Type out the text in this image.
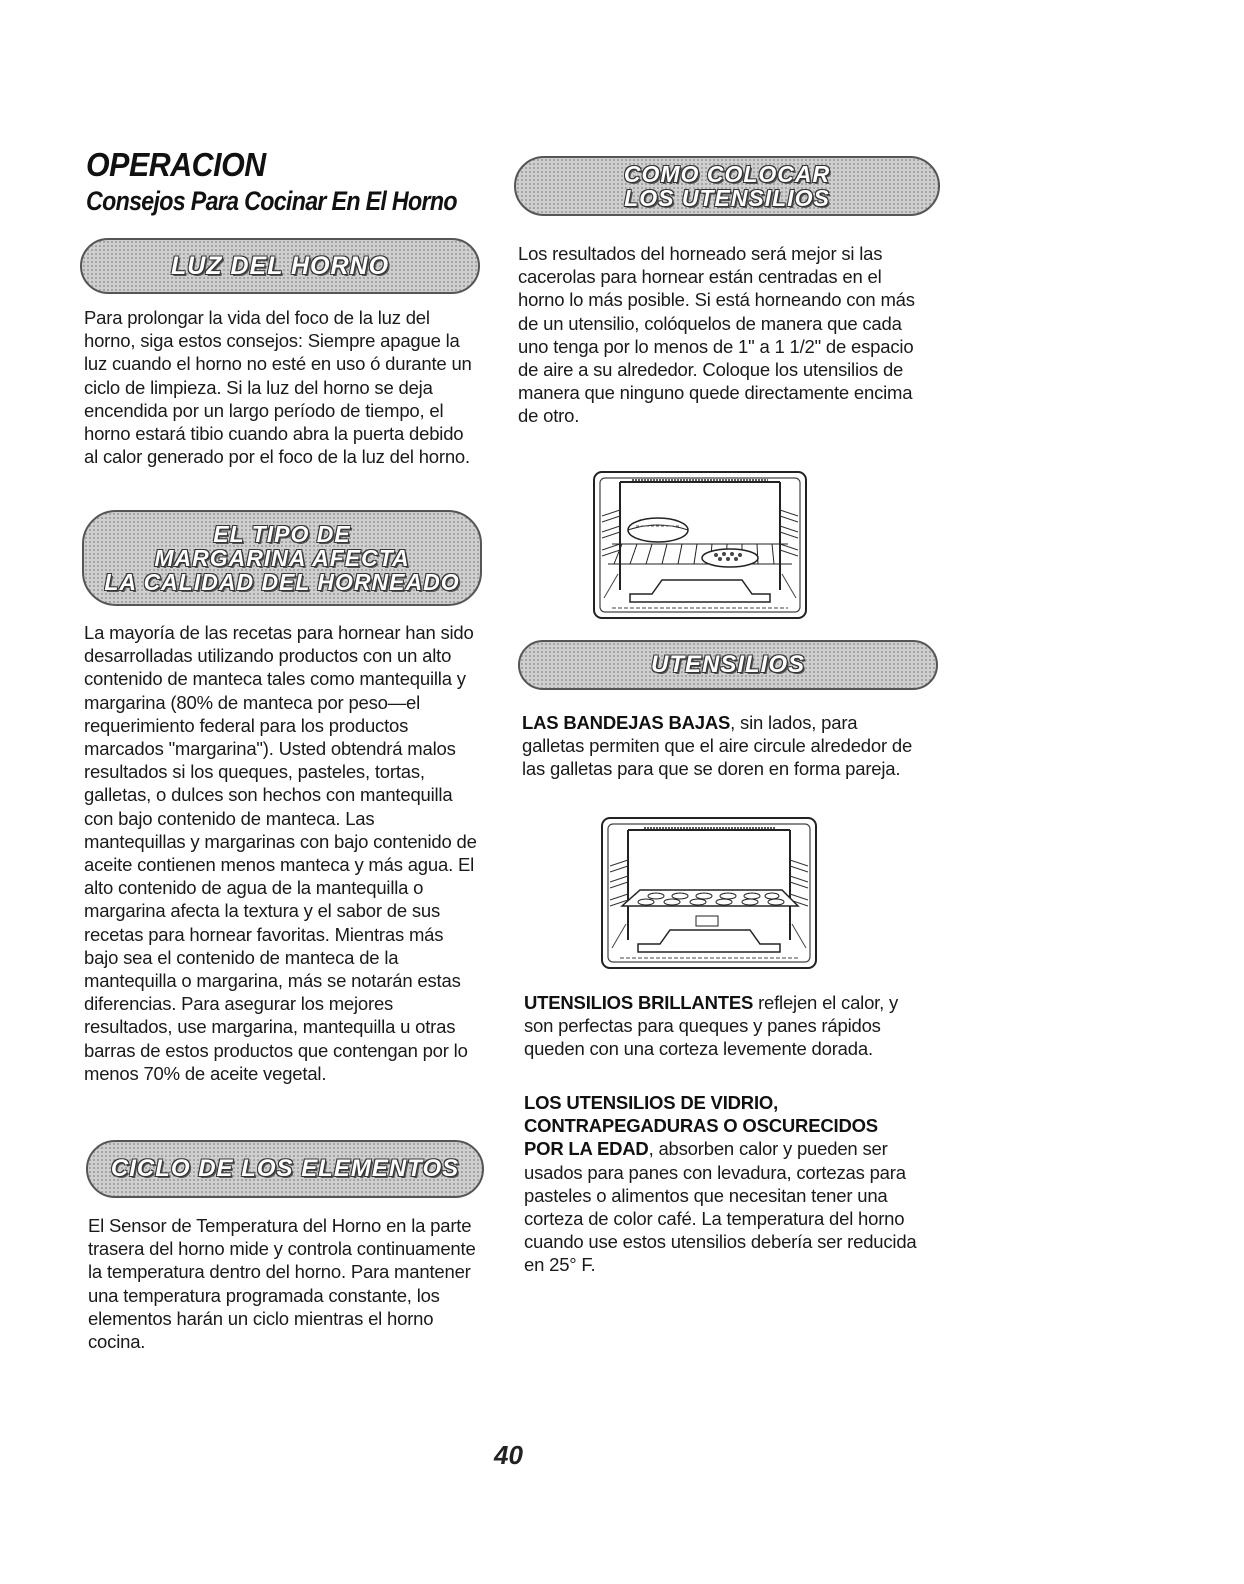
OPERACION
Consejos Para Cocinar En El Horno
LUZ DEL HORNO

Para prolongar la vida del foco de la luz del horno, siga estos consejos: Siempre apague la luz cuando el horno no esté en uso ó durante un ciclo de limpieza. Si la luz del horno se deja encendida por un largo período de tiempo, el horno estará tibio cuando abra la puerta debido al calor generado por el foco de la luz del horno.

EL TIPO DE
MARGARINA AFECTA
LA CALIDAD DEL HORNEADO

La mayoría de las recetas para hornear han sido desarrolladas utilizando productos con un alto contenido de manteca tales como mantequilla y margarina (80% de manteca por peso—el requerimiento federal para los productos marcados "margarina"). Usted obtendrá malos resultados si los queques, pasteles, tortas, galletas, o dulces son hechos con mantequilla con bajo contenido de manteca. Las mantequillas y margarinas con bajo contenido de aceite contienen menos manteca y más agua. El alto contenido de agua de la mantequilla o margarina afecta la textura y el sabor de sus recetas para hornear favoritas. Mientras más bajo sea el contenido de manteca de la mantequilla o margarina, más se notarán estas diferencias. Para asegurar los mejores resultados, use margarina, mantequilla u otras barras de estos productos que contengan por lo menos 70% de aceite vegetal.

CICLO DE LOS ELEMENTOS

El Sensor de Temperatura del Horno en la parte trasera del horno mide y controla continuamente la temperatura dentro del horno. Para mantener una temperatura programada constante, los elementos harán un ciclo mientras el horno cocina.

COMO COLOCAR
LOS UTENSILIOS

Los resultados del horneado será mejor si las cacerolas para hornear están centradas en el horno lo más posible. Si está horneando con más de un utensilio, colóquelos de manera que cada uno tenga por lo menos de 1" a 1 1/2" de espacio de aire a su alrededor. Coloque los utensilios de manera que ninguno quede directamente encima de otro.

UTENSILIOS

LAS BANDEJAS BAJAS, sin lados, para galletas permiten que el aire circule alrededor de las galletas para que se doren en forma pareja.

UTENSILIOS BRILLANTES reflejen el calor, y son perfectas para queques y panes rápidos queden con una corteza levemente dorada.

LOS UTENSILIOS DE VIDRIO, CONTRAPEGADURAS O OSCURECIDOS POR LA EDAD, absorben calor y pueden ser usados para panes con levadura, cortezas para pasteles o alimentos que necesitan tener una corteza de color café. La temperatura del horno cuando use estos utensilios debería ser reducida en 25° F.

40
